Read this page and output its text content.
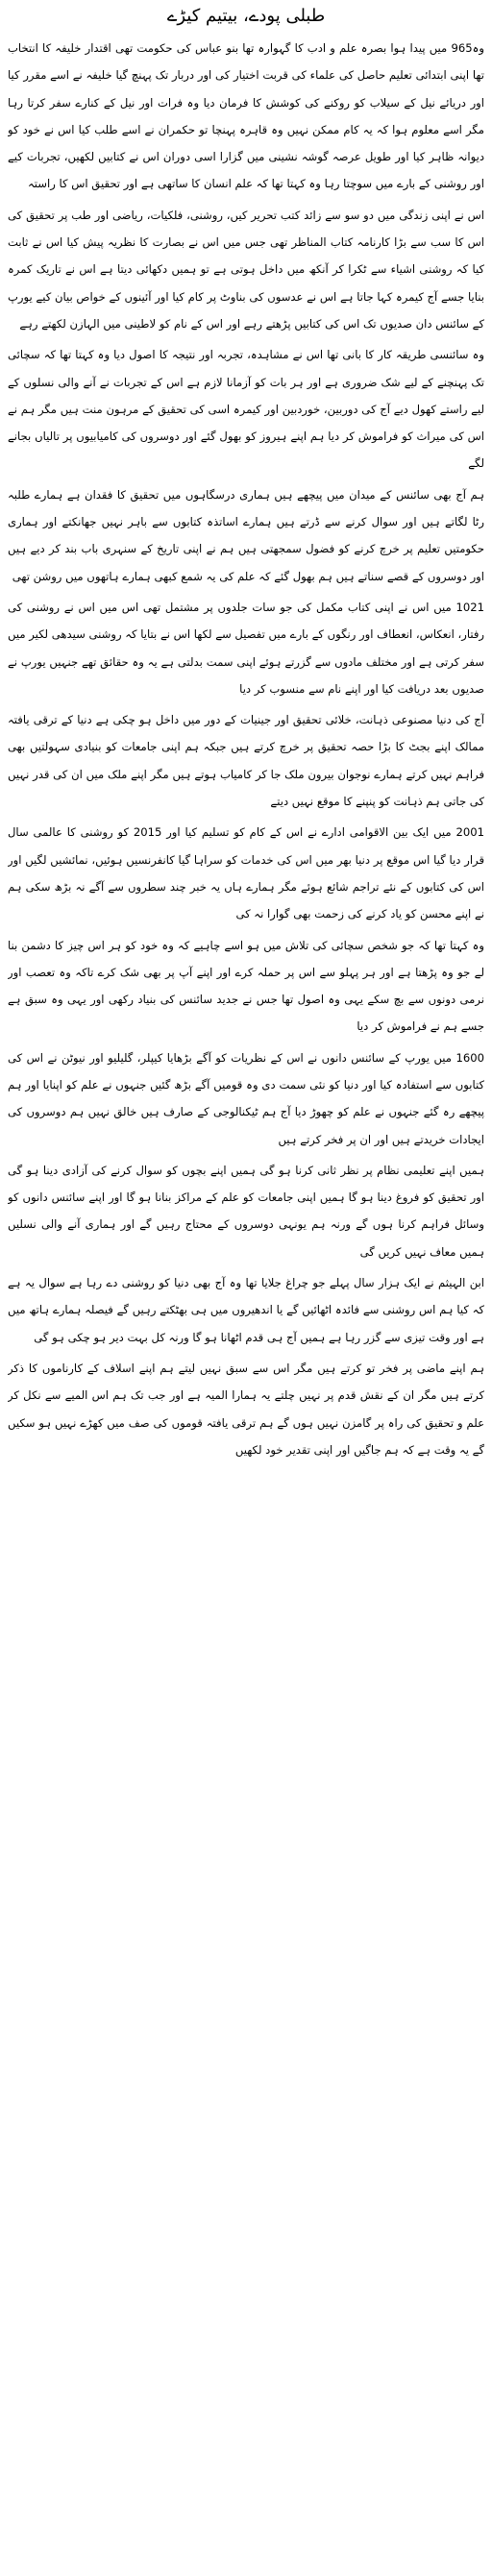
طبلی پودے، بیتیم کیڑے

وہ965 میں پیدا ہوا بصرہ علم و ادب کا گہوارہ تھا بنو عباس کی حکومت تھی اقتدار خلیفہ کا انتخاب تھا اپنی ابتدائی تعلیم حاصل کی علماء کی قربت اختیار کی اور دربار تک پہنچ گیا خلیفہ نے اسے مقرر کیا اور دریائے نیل کے سیلاب کو روکنے کی کوشش کا فرمان دیا وہ فرات اور نیل کے کنارے سفر کرتا رہا مگر اسے معلوم ہوا کہ یہ کام ممکن نہیں وہ قاہرہ پہنچا تو حکمران نے اسے طلب کیا اس نے خود کو دیوانہ ظاہر کیا اور طویل عرصہ گوشہ نشینی میں گزارا اسی دوران اس نے کتابیں لکھیں، تجربات کیے اور روشنی کے بارے میں سوچتا رہا وہ کہتا تھا کہ علم انسان کا ساتھی ہے اور تحقیق اس کا راستہ

اس نے اپنی زندگی میں دو سو سے زائد کتب تحریر کیں، روشنی، فلکیات، ریاضی اور طب پر تحقیق کی اس کا سب سے بڑا کارنامہ کتاب المناظر تھی جس میں اس نے بصارت کا نظریہ پیش کیا اس نے ثابت کیا کہ روشنی اشیاء سے ٹکرا کر آنکھ میں داخل ہوتی ہے تو ہمیں دکھائی دیتا ہے اس نے تاریک کمرہ بنایا جسے آج کیمرہ کہا جاتا ہے اس نے عدسوں کی بناوٹ پر کام کیا اور آئینوں کے خواص بیان کیے یورپ کے سائنس دان صدیوں تک اس کی کتابیں پڑھتے رہے اور اس کے نام کو لاطینی میں الہازن لکھتے رہے

وہ سائنسی طریقہ کار کا بانی تھا اس نے مشاہدہ، تجربہ اور نتیجہ کا اصول دیا وہ کہتا تھا کہ سچائی تک پہنچنے کے لیے شک ضروری ہے اور ہر بات کو آزمانا لازم ہے اس کے تجربات نے آنے والی نسلوں کے لیے راستے کھول دیے آج کی دوربین، خوردبین اور کیمرہ اسی کی تحقیق کے مرہون منت ہیں مگر ہم نے اس کی میراث کو فراموش کر دیا ہم اپنے ہیروز کو بھول گئے اور دوسروں کی کامیابیوں پر تالیاں بجانے لگے

ہم آج بھی سائنس کے میدان میں پیچھے ہیں ہماری درسگاہوں میں تحقیق کا فقدان ہے ہمارے طلبہ رٹا لگاتے ہیں اور سوال کرنے سے ڈرتے ہیں ہمارے اساتذہ کتابوں سے باہر نہیں جھانکتے اور ہماری حکومتیں تعلیم پر خرچ کرنے کو فضول سمجھتی ہیں ہم نے اپنی تاریخ کے سنہری باب بند کر دیے ہیں اور دوسروں کے قصے سناتے ہیں ہم بھول گئے کہ علم کی یہ شمع کبھی ہمارے ہاتھوں میں روشن تھی

1021 میں اس نے اپنی کتاب مکمل کی جو سات جلدوں پر مشتمل تھی اس میں اس نے روشنی کی رفتار، انعکاس، انعطاف اور رنگوں کے بارے میں تفصیل سے لکھا اس نے بتایا کہ روشنی سیدھی لکیر میں سفر کرتی ہے اور مختلف مادوں سے گزرتے ہوئے اپنی سمت بدلتی ہے یہ وہ حقائق تھے جنہیں یورپ نے صدیوں بعد دریافت کیا اور اپنے نام سے منسوب کر دیا

آج کی دنیا مصنوعی ذہانت، خلائی تحقیق اور جینیات کے دور میں داخل ہو چکی ہے دنیا کے ترقی یافتہ ممالک اپنے بجٹ کا بڑا حصہ تحقیق پر خرچ کرتے ہیں جبکہ ہم اپنی جامعات کو بنیادی سہولتیں بھی فراہم نہیں کرتے ہمارے نوجوان بیرون ملک جا کر کامیاب ہوتے ہیں مگر اپنے ملک میں ان کی قدر نہیں کی جاتی ہم ذہانت کو پنپنے کا موقع نہیں دیتے

2001 میں ایک بین الاقوامی ادارے نے اس کے کام کو تسلیم کیا اور 2015 کو روشنی کا عالمی سال قرار دیا گیا اس موقع پر دنیا بھر میں اس کی خدمات کو سراہا گیا کانفرنسیں ہوئیں، نمائشیں لگیں اور اس کی کتابوں کے نئے تراجم شائع ہوئے مگر ہمارے ہاں یہ خبر چند سطروں سے آگے نہ بڑھ سکی ہم نے اپنے محسن کو یاد کرنے کی زحمت بھی گوارا نہ کی

وہ کہتا تھا کہ جو شخص سچائی کی تلاش میں ہو اسے چاہیے کہ وہ خود کو ہر اس چیز کا دشمن بنا لے جو وہ پڑھتا ہے اور ہر پہلو سے اس پر حملہ کرے اور اپنے آپ پر بھی شک کرے تاکہ وہ تعصب اور نرمی دونوں سے بچ سکے یہی وہ اصول تھا جس نے جدید سائنس کی بنیاد رکھی اور یہی وہ سبق ہے جسے ہم نے فراموش کر دیا

1600 میں یورپ کے سائنس دانوں نے اس کے نظریات کو آگے بڑھایا کیپلر، گلیلیو اور نیوٹن نے اس کی کتابوں سے استفادہ کیا اور دنیا کو نئی سمت دی وہ قومیں آگے بڑھ گئیں جنہوں نے علم کو اپنایا اور ہم پیچھے رہ گئے جنہوں نے علم کو چھوڑ دیا آج ہم ٹیکنالوجی کے صارف ہیں خالق نہیں ہم دوسروں کی ایجادات خریدتے ہیں اور ان پر فخر کرتے ہیں

ہمیں اپنے تعلیمی نظام پر نظر ثانی کرنا ہو گی ہمیں اپنے بچوں کو سوال کرنے کی آزادی دینا ہو گی اور تحقیق کو فروغ دینا ہو گا ہمیں اپنی جامعات کو علم کے مراکز بنانا ہو گا اور اپنے سائنس دانوں کو وسائل فراہم کرنا ہوں گے ورنہ ہم یونہی دوسروں کے محتاج رہیں گے اور ہماری آنے والی نسلیں ہمیں معاف نہیں کریں گی

ابن الہیثم نے ایک ہزار سال پہلے جو چراغ جلایا تھا وہ آج بھی دنیا کو روشنی دے رہا ہے سوال یہ ہے کہ کیا ہم اس روشنی سے فائدہ اٹھائیں گے یا اندھیروں میں ہی بھٹکتے رہیں گے فیصلہ ہمارے ہاتھ میں ہے اور وقت تیزی سے گزر رہا ہے ہمیں آج ہی قدم اٹھانا ہو گا ورنہ کل بہت دیر ہو چکی ہو گی

ہم اپنے ماضی پر فخر تو کرتے ہیں مگر اس سے سبق نہیں لیتے ہم اپنے اسلاف کے کارناموں کا ذکر کرتے ہیں مگر ان کے نقش قدم پر نہیں چلتے یہ ہمارا المیہ ہے اور جب تک ہم اس المیے سے نکل کر علم و تحقیق کی راہ پر گامزن نہیں ہوں گے ہم ترقی یافتہ قوموں کی صف میں کھڑے نہیں ہو سکیں گے یہ وقت ہے کہ ہم جاگیں اور اپنی تقدیر خود لکھیں
